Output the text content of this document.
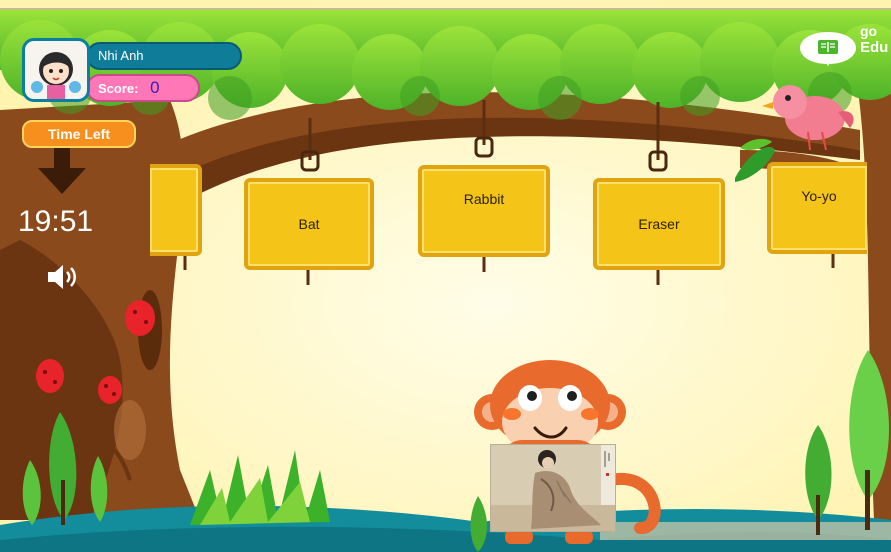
Bat
Rabbit
Eraser
Yo-yo
Nhi Anh
Score: 0
Time Left
19:51
go
Edu
